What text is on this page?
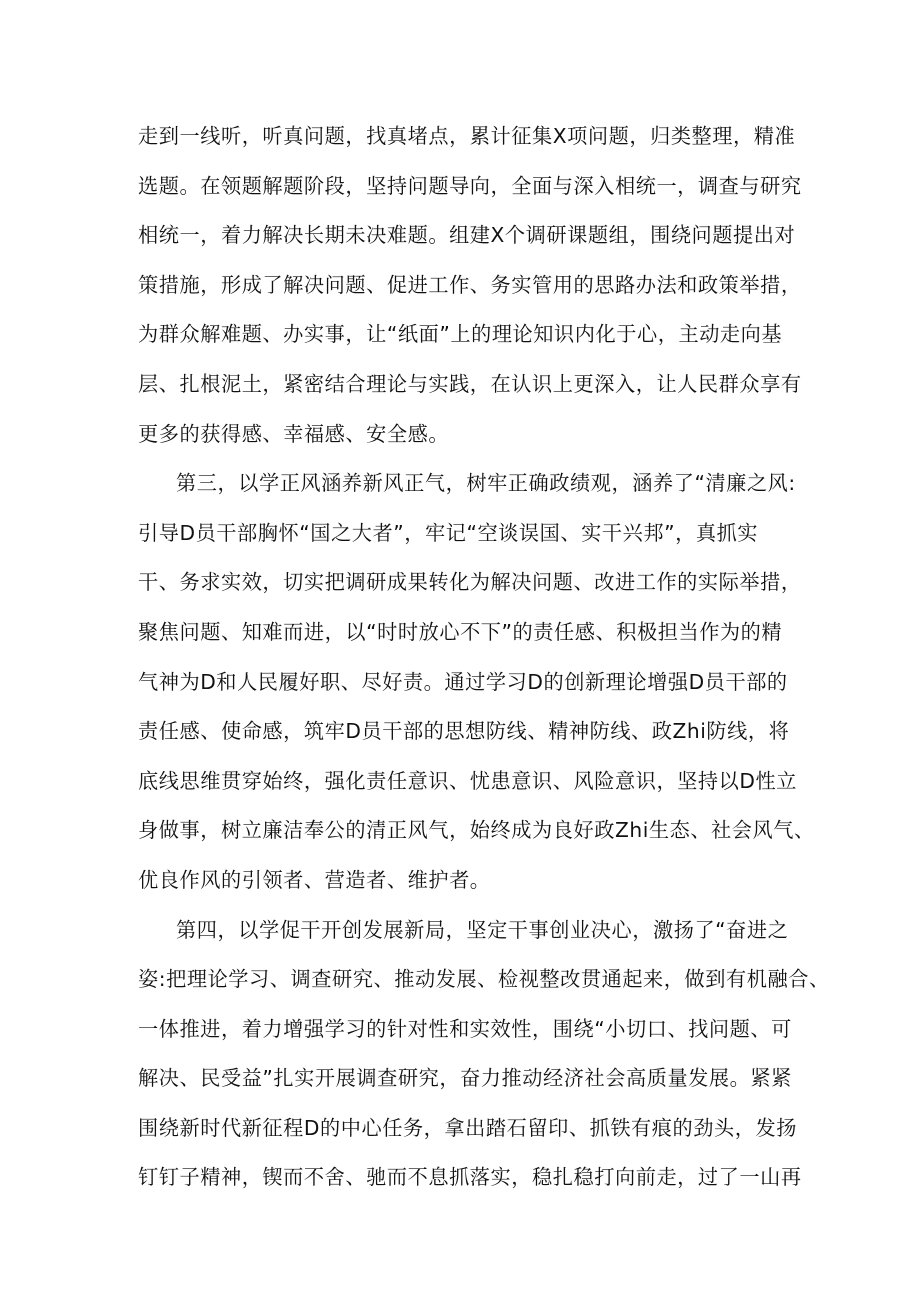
走到一线听，听真问题，找真堵点，累计征集X项问题，归类整理，精准
选题。在领题解题阶段，坚持问题导向，全面与深入相统一，调查与研究
相统一，着力解决长期未决难题。组建X个调研课题组，围绕问题提出对
策措施，形成了解决问题、促进工作、务实管用的思路办法和政策举措，
为群众解难题、办实事，让“纸面”上的理论知识内化于心，主动走向基
层、扎根泥土，紧密结合理论与实践，在认识上更深入，让人民群众享有
更多的获得感、幸福感、安全感。
第三，以学正风涵养新风正气，树牢正确政绩观，涵养了“清廉之风:
引导D员干部胸怀“国之大者”，牢记“空谈误国、实干兴邦”，真抓实
干、务求实效，切实把调研成果转化为解决问题、改进工作的实际举措，
聚焦问题、知难而进，以“时时放心不下”的责任感、积极担当作为的精
气神为D和人民履好职、尽好责。通过学习D的创新理论增强D员干部的
责任感、使命感，筑牢D员干部的思想防线、精神防线、政Zhi防线，将
底线思维贯穿始终，强化责任意识、忧患意识、风险意识，坚持以D性立
身做事，树立廉洁奉公的清正风气，始终成为良好政Zhi生态、社会风气、
优良作风的引领者、营造者、维护者。
第四，以学促干开创发展新局，坚定干事创业决心，激扬了“奋进之
姿:把理论学习、调查研究、推动发展、检视整改贯通起来，做到有机融合、
一体推进，着力增强学习的针对性和实效性，围绕“小切口、找问题、可
解决、民受益”扎实开展调查研究，奋力推动经济社会高质量发展。紧紧
围绕新时代新征程D的中心任务，拿出踏石留印、抓铁有痕的劲头，发扬
钉钉子精神，锲而不舍、驰而不息抓落实，稳扎稳打向前走，过了一山再
